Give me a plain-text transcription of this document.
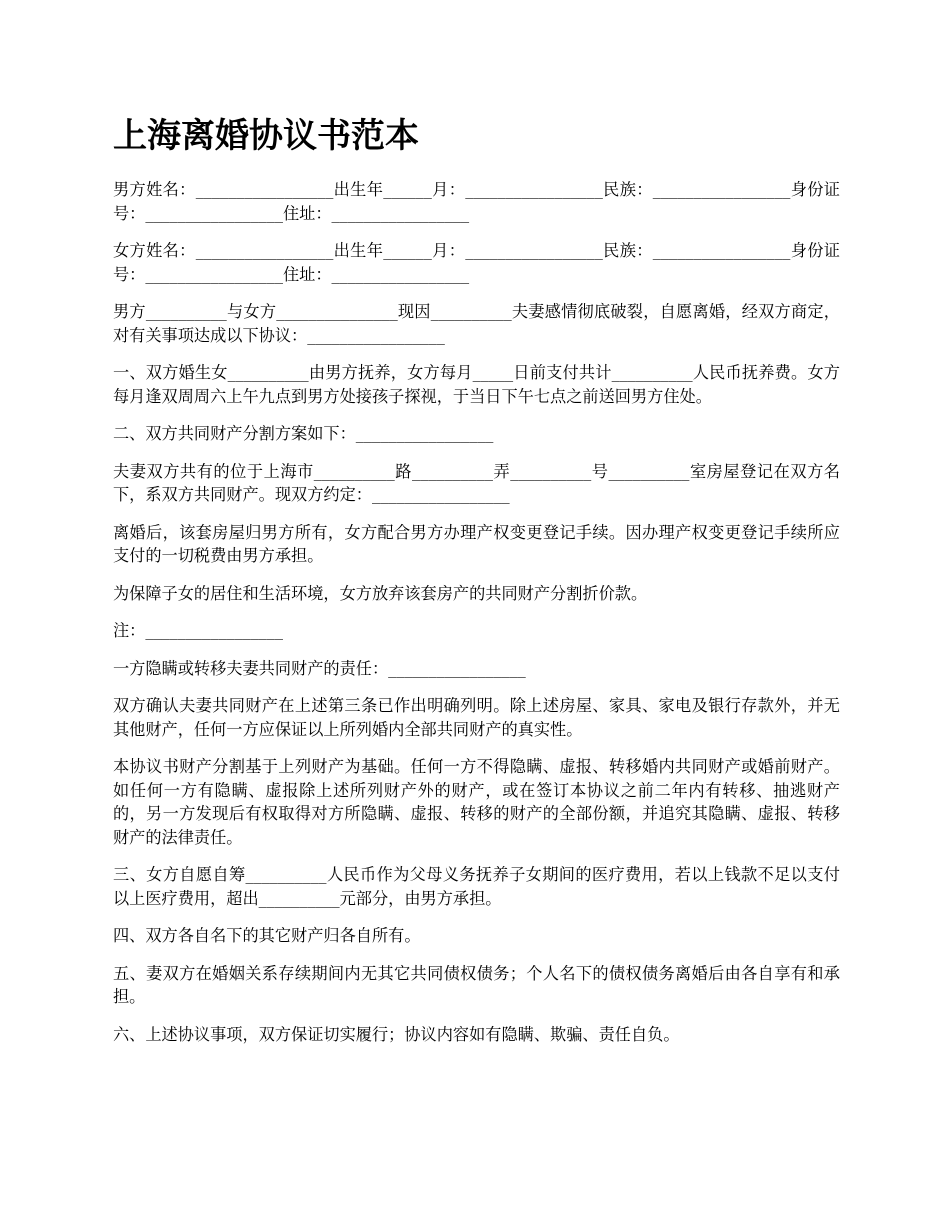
上海离婚协议书范本

男方姓名：_________________出生年______月：_________________民族：_________________身份证号：_________________住址：_________________

女方姓名：_________________出生年______月：_________________民族：_________________身份证号：_________________住址：_________________

男方__________与女方_______________现因__________夫妻感情彻底破裂，自愿离婚，经双方商定，对有关事项达成以下协议：_________________

一、双方婚生女__________由男方抚养，女方每月_____日前支付共计__________人民币抚养费。女方每月逢双周周六上午九点到男方处接孩子探视，于当日下午七点之前送回男方住处。

二、双方共同财产分割方案如下：_________________

夫妻双方共有的位于上海市__________路__________弄__________号__________室房屋登记在双方名下，系双方共同财产。现双方约定：_________________

离婚后，该套房屋归男方所有，女方配合男方办理产权变更登记手续。因办理产权变更登记手续所应支付的一切税费由男方承担。

为保障子女的居住和生活环境，女方放弃该套房产的共同财产分割折价款。

注：_________________

一方隐瞒或转移夫妻共同财产的责任：_________________

双方确认夫妻共同财产在上述第三条已作出明确列明。除上述房屋、家具、家电及银行存款外，并无其他财产，任何一方应保证以上所列婚内全部共同财产的真实性。

本协议书财产分割基于上列财产为基础。任何一方不得隐瞒、虚报、转移婚内共同财产或婚前财产。如任何一方有隐瞒、虚报除上述所列财产外的财产，或在签订本协议之前二年内有转移、抽逃财产的，另一方发现后有权取得对方所隐瞒、虚报、转移的财产的全部份额，并追究其隐瞒、虚报、转移财产的法律责任。

三、女方自愿自筹__________人民币作为父母义务抚养子女期间的医疗费用，若以上钱款不足以支付以上医疗费用，超出__________元部分，由男方承担。

四、双方各自名下的其它财产归各自所有。

五、妻双方在婚姻关系存续期间内无其它共同债权债务；个人名下的债权债务离婚后由各自享有和承担。

六、上述协议事项，双方保证切实履行；协议内容如有隐瞒、欺骗、责任自负。
